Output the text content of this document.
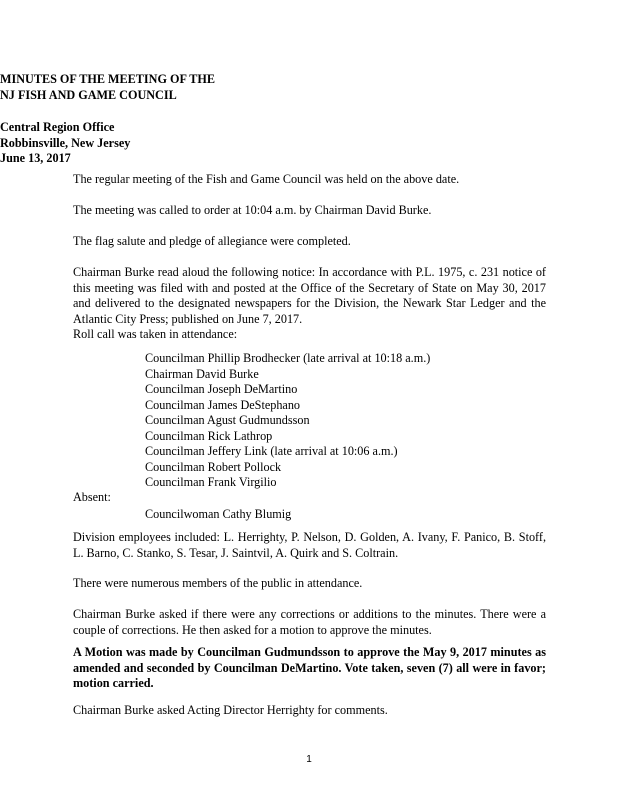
MINUTES OF THE MEETING OF THE
NJ FISH AND GAME COUNCIL
Central Region Office
Robbinsville, New Jersey
June 13, 2017

The regular meeting of the Fish and Game Council was held on the above date.

The meeting was called to order at 10:04 a.m. by Chairman David Burke.

The flag salute and pledge of allegiance were completed.

Chairman Burke read aloud the following notice: In accordance with P.L. 1975, c. 231 notice of this meeting was filed with and posted at the Office of the Secretary of State on May 30, 2017 and delivered to the designated newspapers for the Division, the Newark Star Ledger and the Atlantic City Press; published on June 7, 2017.

Roll call was taken in attendance:

Councilman Phillip Brodhecker (late arrival at 10:18 a.m.)
Chairman David Burke
Councilman Joseph DeMartino
Councilman James DeStephano
Councilman Agust Gudmundsson
Councilman Rick Lathrop
Councilman Jeffery Link (late arrival at 10:06 a.m.)
Councilman Robert Pollock
Councilman Frank Virgilio

Absent:

Councilwoman Cathy Blumig

Division employees included: L. Herrighty, P. Nelson, D. Golden, A. Ivany, F. Panico, B. Stoff, L. Barno, C. Stanko, S. Tesar, J. Saintvil, A. Quirk and S. Coltrain.

There were numerous members of the public in attendance.

Chairman Burke asked if there were any corrections or additions to the minutes. There were a couple of corrections. He then asked for a motion to approve the minutes.

A Motion was made by Councilman Gudmundsson to approve the May 9, 2017 minutes as amended and seconded by Councilman DeMartino. Vote taken, seven (7) all were in favor; motion carried.

Chairman Burke asked Acting Director Herrighty for comments.

1
